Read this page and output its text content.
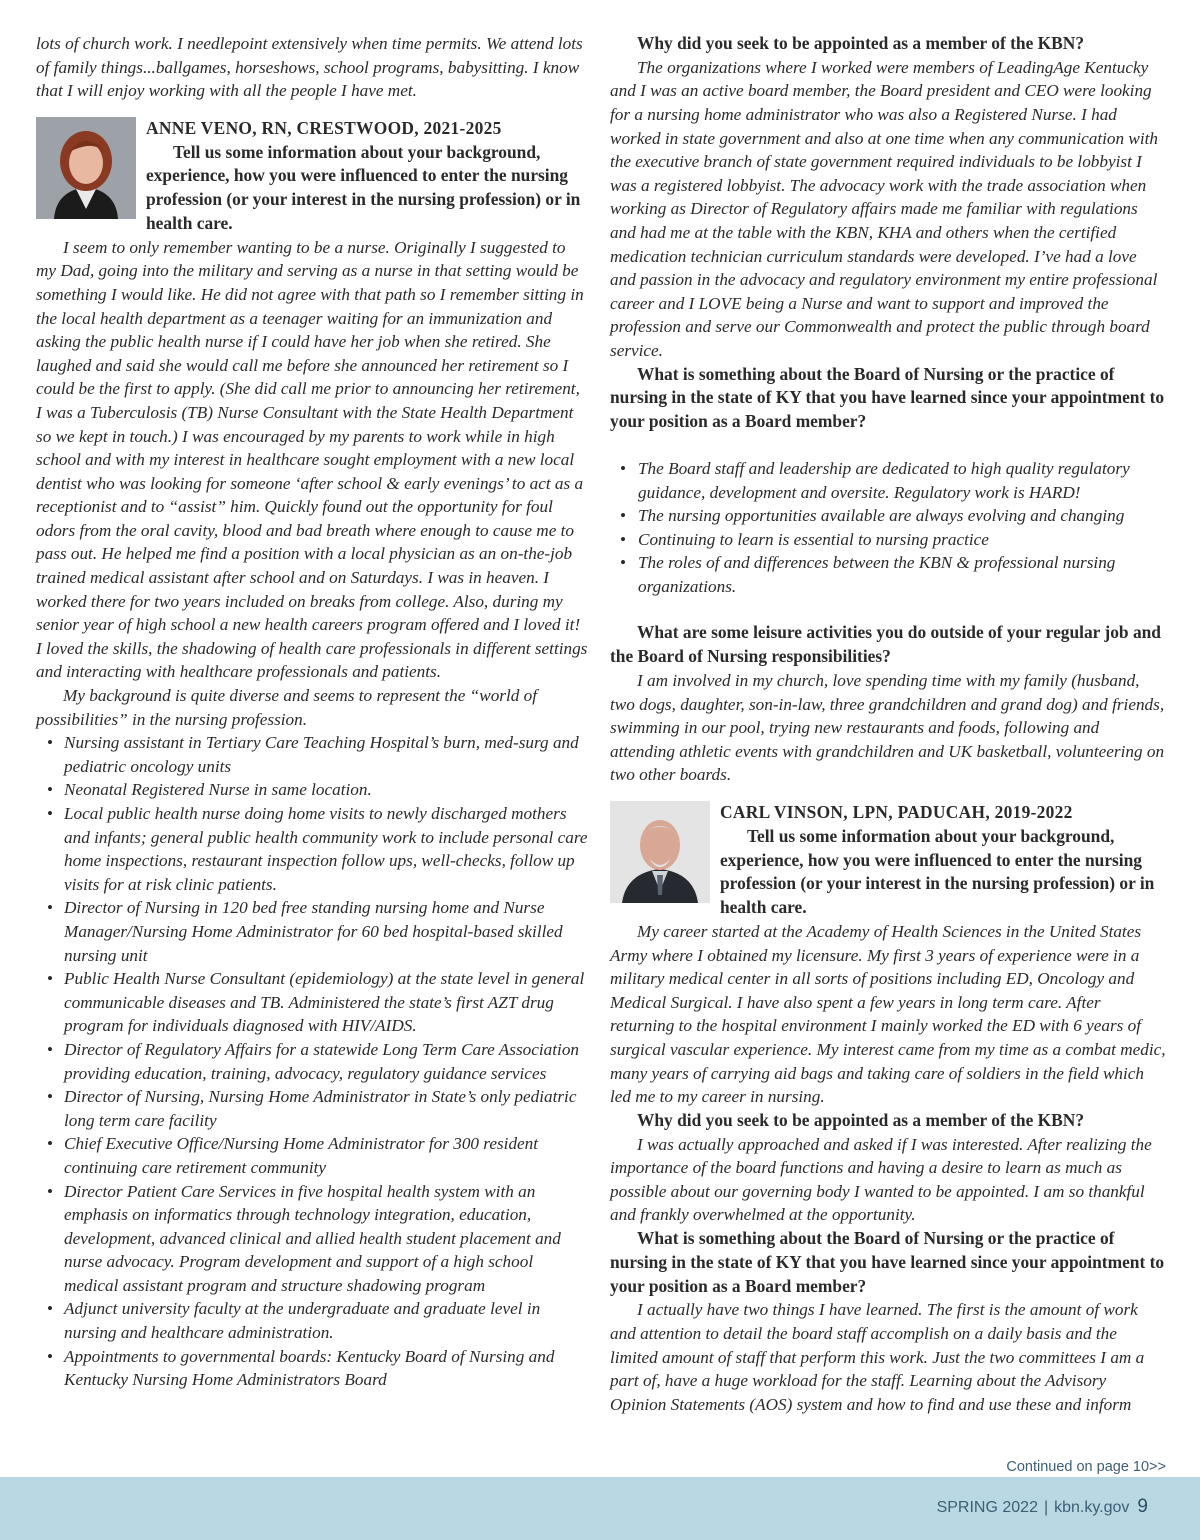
lots of church work. I needlepoint extensively when time permits. We attend lots of family things...ballgames, horseshows, school programs, babysitting. I know that I will enjoy working with all the people I have met.

ANNE VENO, RN, CRESTWOOD, 2021-2025

Tell us some information about your background, experience, how you were influenced to enter the nursing profession (or your interest in the nursing profession) or in health care.

I seem to only remember wanting to be a nurse. Originally I suggested to my Dad, going into the military and serving as a nurse in that setting would be something I would like. He did not agree with that path so I remember sitting in the local health department as a teenager waiting for an immunization and asking the public health nurse if I could have her job when she retired. She laughed and said she would call me before she announced her retirement so I could be the first to apply. (She did call me prior to announcing her retirement, I was a Tuberculosis (TB) Nurse Consultant with the State Health Department so we kept in touch.) I was encouraged by my parents to work while in high school and with my interest in healthcare sought employment with a new local dentist who was looking for someone ‘after school & early evenings’ to act as a receptionist and to “assist” him. Quickly found out the opportunity for foul odors from the oral cavity, blood and bad breath where enough to cause me to pass out. He helped me find a position with a local physician as an on-the-job trained medical assistant after school and on Saturdays. I was in heaven. I worked there for two years included on breaks from college. Also, during my senior year of high school a new health careers program offered and I loved it! I loved the skills, the shadowing of health care professionals in different settings and interacting with healthcare professionals and patients.

My background is quite diverse and seems to represent the “world of possibilities” in the nursing profession.

• Nursing assistant in Tertiary Care Teaching Hospital’s burn, med-surg and pediatric oncology units
• Neonatal Registered Nurse in same location.
• Local public health nurse doing home visits to newly discharged mothers and infants; general public health community work to include personal care home inspections, restaurant inspection follow ups, well-checks, follow up visits for at risk clinic patients.
• Director of Nursing in 120 bed free standing nursing home and Nurse Manager/Nursing Home Administrator for 60 bed hospital-based skilled nursing unit
• Public Health Nurse Consultant (epidemiology) at the state level in general communicable diseases and TB. Administered the state’s first AZT drug program for individuals diagnosed with HIV/AIDS.
• Director of Regulatory Affairs for a statewide Long Term Care Association providing education, training, advocacy, regulatory guidance services
• Director of Nursing, Nursing Home Administrator in State’s only pediatric long term care facility
• Chief Executive Office/Nursing Home Administrator for 300 resident continuing care retirement community
• Director Patient Care Services in five hospital health system with an emphasis on informatics through technology integration, education, development, advanced clinical and allied health student placement and nurse advocacy. Program development and support of a high school medical assistant program and structure shadowing program
• Adjunct university faculty at the undergraduate and graduate level in nursing and healthcare administration.
• Appointments to governmental boards: Kentucky Board of Nursing and Kentucky Nursing Home Administrators Board

Why did you seek to be appointed as a member of the KBN?

The organizations where I worked were members of LeadingAge Kentucky and I was an active board member, the Board president and CEO were looking for a nursing home administrator who was also a Registered Nurse. I had worked in state government and also at one time when any communication with the executive branch of state government required individuals to be lobbyist I was a registered lobbyist. The advocacy work with the trade association when working as Director of Regulatory affairs made me familiar with regulations and had me at the table with the KBN, KHA and others when the certified medication technician curriculum standards were developed. I’ve had a love and passion in the advocacy and regulatory environment my entire professional career and I LOVE being a Nurse and want to support and improved the profession and serve our Commonwealth and protect the public through board service.

What is something about the Board of Nursing or the practice of nursing in the state of KY that you have learned since your appointment to your position as a Board member?

• The Board staff and leadership are dedicated to high quality regulatory guidance, development and oversite. Regulatory work is HARD!
• The nursing opportunities available are always evolving and changing
• Continuing to learn is essential to nursing practice
• The roles of and differences between the KBN & professional nursing organizations.

What are some leisure activities you do outside of your regular job and the Board of Nursing responsibilities?

I am involved in my church, love spending time with my family (husband, two dogs, daughter, son-in-law, three grandchildren and grand dog) and friends, swimming in our pool, trying new restaurants and foods, following and attending athletic events with grandchildren and UK basketball, volunteering on two other boards.

CARL VINSON, LPN, PADUCAH, 2019-2022

Tell us some information about your background, experience, how you were influenced to enter the nursing profession (or your interest in the nursing profession) or in health care.

My career started at the Academy of Health Sciences in the United States Army where I obtained my licensure. My first 3 years of experience were in a military medical center in all sorts of positions including ED, Oncology and Medical Surgical. I have also spent a few years in long term care. After returning to the hospital environment I mainly worked the ED with 6 years of surgical vascular experience. My interest came from my time as a combat medic, many years of carrying aid bags and taking care of soldiers in the field which led me to my career in nursing.

Why did you seek to be appointed as a member of the KBN?

I was actually approached and asked if I was interested. After realizing the importance of the board functions and having a desire to learn as much as possible about our governing body I wanted to be appointed. I am so thankful and frankly overwhelmed at the opportunity.

What is something about the Board of Nursing or the practice of nursing in the state of KY that you have learned since your appointment to your position as a Board member?

I actually have two things I have learned. The first is the amount of work and attention to detail the board staff accomplish on a daily basis and the limited amount of staff that perform this work. Just the two committees I am a part of, have a huge workload for the staff. Learning about the Advisory Opinion Statements (AOS) system and how to find and use these and inform

Continued on page 10>>
SPRING 2022 | kbn.ky.gov 9
